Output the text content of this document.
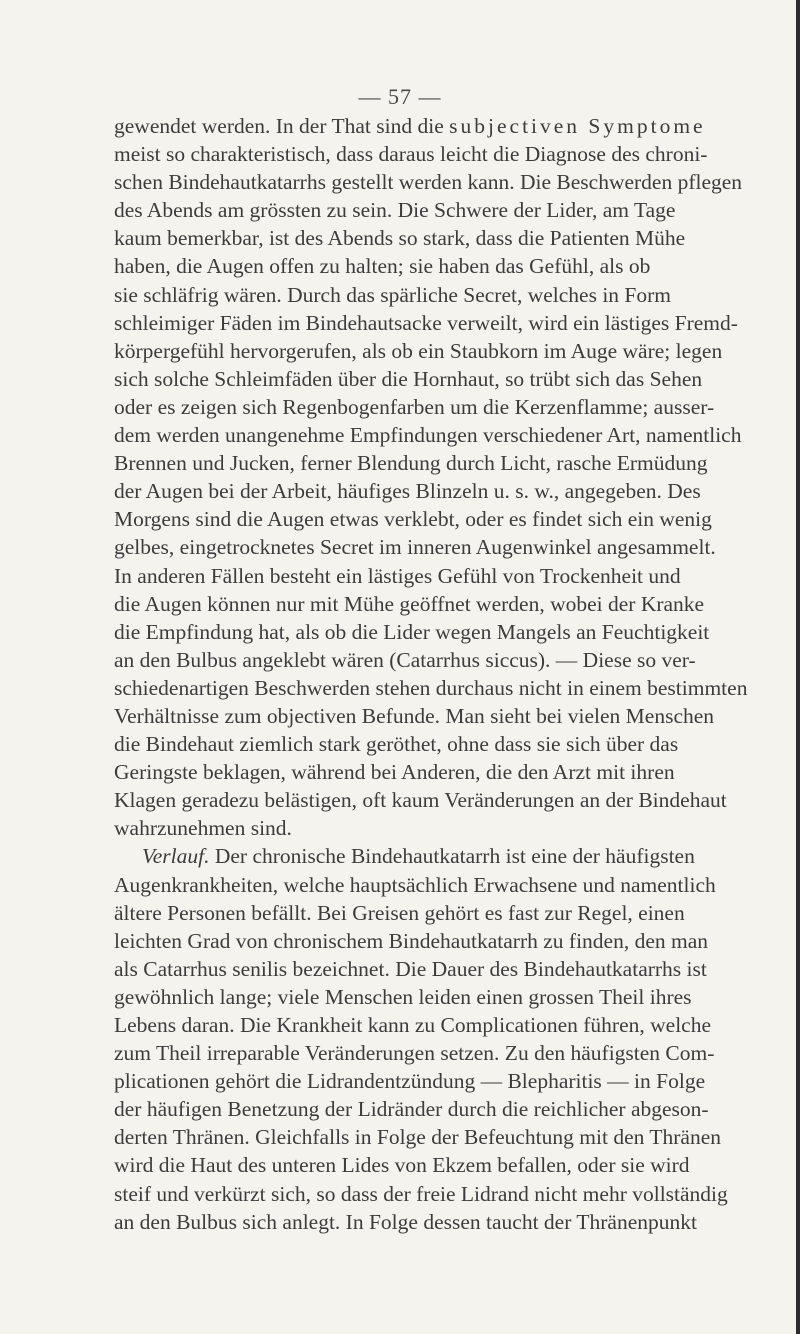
— 57 —
gewendet werden. In der That sind die subjectiven Symptome
meist so charakteristisch, dass daraus leicht die Diagnose des chroni-
schen Bindehautkatarrhs gestellt werden kann. Die Beschwerden pflegen
des Abends am grössten zu sein. Die Schwere der Lider, am Tage
kaum bemerkbar, ist des Abends so stark, dass die Patienten Mühe
haben, die Augen offen zu halten; sie haben das Gefühl, als ob
sie schläfrig wären. Durch das spärliche Secret, welches in Form
schleimiger Fäden im Bindehautsacke verweilt, wird ein lästiges Fremd-
körpergefühl hervorgerufen, als ob ein Staubkorn im Auge wäre; legen
sich solche Schleimfäden über die Hornhaut, so trübt sich das Sehen
oder es zeigen sich Regenbogenfarben um die Kerzenflamme; ausser-
dem werden unangenehme Empfindungen verschiedener Art, namentlich
Brennen und Jucken, ferner Blendung durch Licht, rasche Ermüdung
der Augen bei der Arbeit, häufiges Blinzeln u. s. w., angegeben. Des
Morgens sind die Augen etwas verklebt, oder es findet sich ein wenig
gelbes, eingetrocknetes Secret im inneren Augenwinkel angesammelt.
In anderen Fällen besteht ein lästiges Gefühl von Trockenheit und
die Augen können nur mit Mühe geöffnet werden, wobei der Kranke
die Empfindung hat, als ob die Lider wegen Mangels an Feuchtigkeit
an den Bulbus angeklebt wären (Catarrhus siccus). — Diese so ver-
schiedenartigen Beschwerden stehen durchaus nicht in einem bestimmten
Verhältnisse zum objectiven Befunde. Man sieht bei vielen Menschen
die Bindehaut ziemlich stark geröthet, ohne dass sie sich über das
Geringste beklagen, während bei Anderen, die den Arzt mit ihren
Klagen geradezu belästigen, oft kaum Veränderungen an der Bindehaut
wahrzunehmen sind.
Verlauf. Der chronische Bindehautkatarrh ist eine der häufigsten
Augenkrankheiten, welche hauptsächlich Erwachsene und namentlich
ältere Personen befällt. Bei Greisen gehört es fast zur Regel, einen
leichten Grad von chronischem Bindehautkatarrh zu finden, den man
als Catarrhus senilis bezeichnet. Die Dauer des Bindehautkatarrhs ist
gewöhnlich lange; viele Menschen leiden einen grossen Theil ihres
Lebens daran. Die Krankheit kann zu Complicationen führen, welche
zum Theil irreparable Veränderungen setzen. Zu den häufigsten Com-
plicationen gehört die Lidrandentzündung — Blepharitis — in Folge
der häufigen Benetzung der Lidränder durch die reichlicher abgeson-
derten Thränen. Gleichfalls in Folge der Befeuchtung mit den Thränen
wird die Haut des unteren Lides von Ekzem befallen, oder sie wird
steif und verkürzt sich, so dass der freie Lidrand nicht mehr vollständig
an den Bulbus sich anlegt. In Folge dessen taucht der Thränenpunkt
